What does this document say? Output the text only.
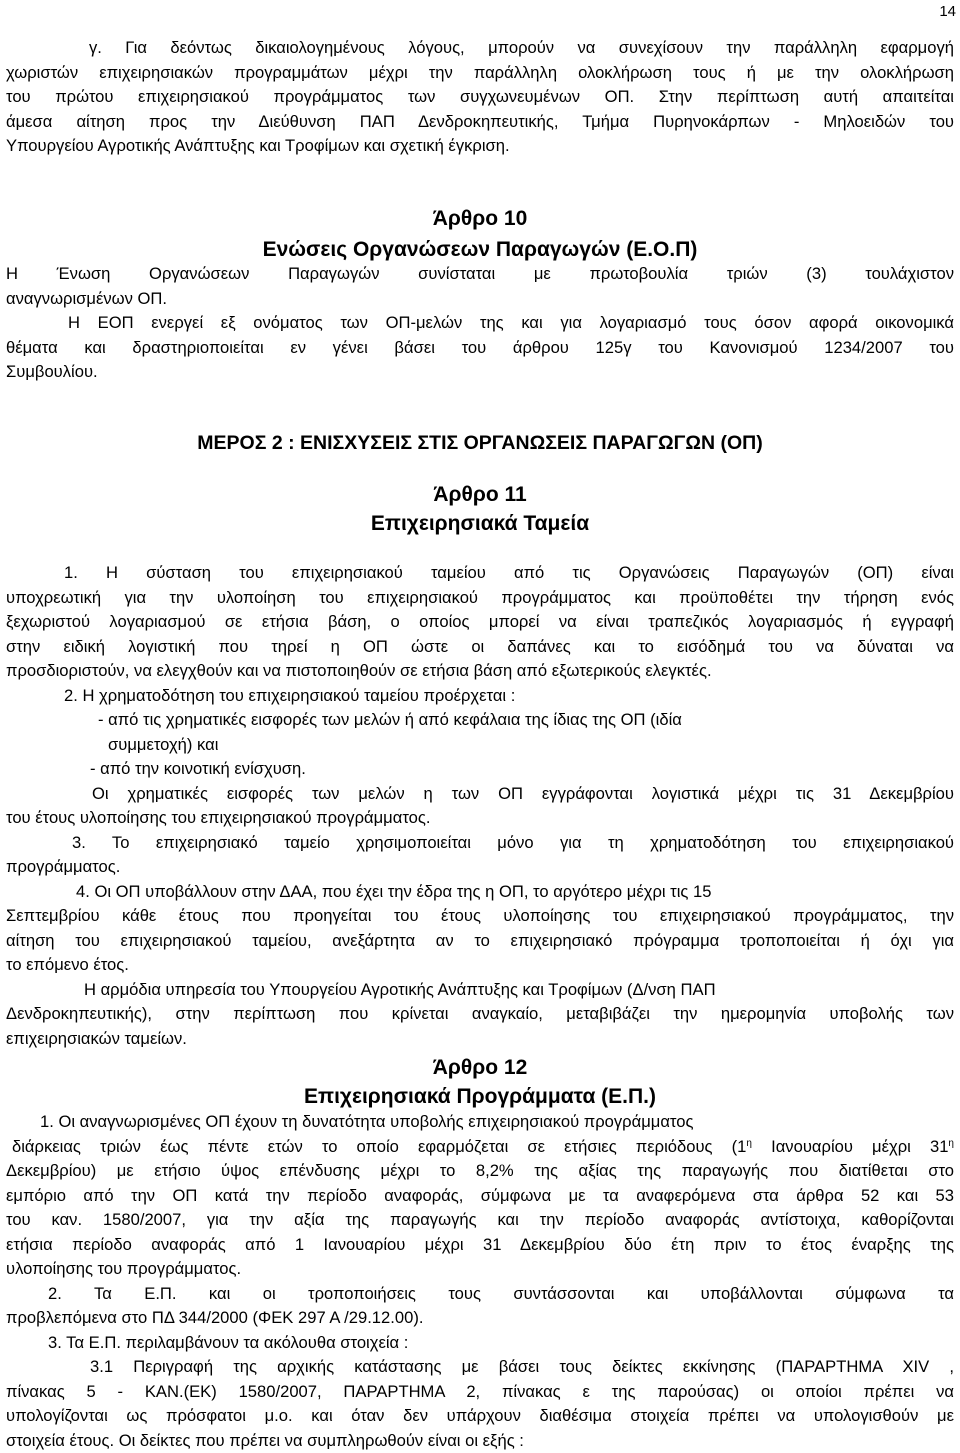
14

γ. Για δεόντως δικαιολογημένους λόγους, μπορούν να συνεχίσουν την παράλληλη εφαρμογή

χωριστών επιχειρησιακών προγραμμάτων μέχρι την παράλληλη ολοκλήρωση τους ή με την ολοκλήρωση

του πρώτου επιχειρησιακού προγράμματος των συγχωνευμένων ΟΠ. Στην περίπτωση αυτή απαιτείται

άμεσα αίτηση προς την Διεύθυνση ΠΑΠ Δενδροκηπευτικής, Τμήμα Πυρηνοκάρπων - Μηλοειδών του

Υπουργείου Αγροτικής Ανάπτυξης και Τροφίμων και σχετική έγκριση.

Άρθρο 10
Ενώσεις Οργανώσεων Παραγωγών (Ε.Ο.Π)

Η Ένωση Οργανώσεων Παραγωγών συνίσταται με πρωτοβουλία τριών (3) τουλάχιστον

αναγνωρισμένων ΟΠ.

Η ΕΟΠ ενεργεί εξ ονόματος των ΟΠ-μελών της και για λογαριασμό τους όσον αφορά οικονομικά

θέματα και δραστηριοποιείται εν γένει βάσει του άρθρου 125γ του Κανονισμού 1234/2007 του

Συμβουλίου.

ΜΕΡΟΣ 2 : ΕΝΙΣΧΥΣΕΙΣ ΣΤΙΣ ΟΡΓΑΝΩΣΕΙΣ ΠΑΡΑΓΩΓΩΝ (ΟΠ)
Άρθρο 11
Επιχειρησιακά Ταμεία

1. Η σύσταση του επιχειρησιακού ταμείου από τις Οργανώσεις Παραγωγών (ΟΠ) είναι

υποχρεωτική για την υλοποίηση του επιχειρησιακού προγράμματος και προϋποθέτει την τήρηση ενός

ξεχωριστού λογαριασμού σε ετήσια βάση, ο οποίος μπορεί να είναι τραπεζικός λογαριασμός ή εγγραφή

στην ειδική λογιστική που τηρεί η ΟΠ ώστε οι δαπάνες και το εισόδημά του να δύναται να

προσδιοριστούν, να ελεγχθούν και να πιστοποιηθούν σε ετήσια βάση από εξωτερικούς ελεγκτές.

2. Η χρηματοδότηση του επιχειρησιακού ταμείου προέρχεται :

- από τις χρηματικές εισφορές των μελών ή από κεφάλαια της ίδιας της ΟΠ (ιδία

συμμετοχή) και

- από την κοινοτική ενίσχυση.

Οι χρηματικές εισφορές των μελών η των ΟΠ εγγράφονται λογιστικά μέχρι τις 31 Δεκεμβρίου

του έτους υλοποίησης του επιχειρησιακού προγράμματος.

3. Το επιχειρησιακό ταμείο χρησιμοποιείται μόνο για τη χρηματοδότηση του επιχειρησιακού

προγράμματος.

4. Οι ΟΠ υποβάλλουν στην ΔΑΑ, που έχει την έδρα της η ΟΠ, το αργότερο μέχρι τις 15

Σεπτεμβρίου κάθε έτους που προηγείται του έτους υλοποίησης του επιχειρησιακού προγράμματος, την

αίτηση του επιχειρησιακού ταμείου, ανεξάρτητα αν το επιχειρησιακό πρόγραμμα τροποποιείται ή όχι για

το επόμενο έτος.

Η αρμόδια υπηρεσία του Υπουργείου Αγροτικής Ανάπτυξης και Τροφίμων (Δ/νση ΠΑΠ

Δενδροκηπευτικής), στην περίπτωση που κρίνεται αναγκαίο, μεταβιβάζει την ημερομηνία υποβολής των

επιχειρησιακών ταμείων.

Άρθρο 12
Επιχειρησιακά Προγράμματα (Ε.Π.)

1. Οι αναγνωρισμένες ΟΠ έχουν τη δυνατότητα υποβολής επιχειρησιακού προγράμματος

διάρκειας τριών έως πέντε ετών το οποίο εφαρμόζεται σε ετήσιες περιόδους ($1^\eta$ Ιανουαρίου μέχρι $31^\eta$

Δεκεμβρίου) με ετήσιο ύψος επένδυσης μέχρι το 8,2% της αξίας της παραγωγής που διατίθεται στο

εμπόριο από την ΟΠ κατά την περίοδο αναφοράς, σύμφωνα με τα αναφερόμενα στα άρθρα 52 και 53

του καν. 1580/2007, για την αξία της παραγωγής και την περίοδο αναφοράς αντίστοιχα, καθορίζονται

ετήσια περίοδο αναφοράς από 1 Ιανουαρίου μέχρι 31 Δεκεμβρίου δύο έτη πριν το έτος έναρξης της

υλοποίησης του προγράμματος.

2. Τα Ε.Π. και οι τροποποιήσεις τους συντάσσονται και υποβάλλονται σύμφωνα τα

προβλεπόμενα στο ΠΔ 344/2000 (ΦΕΚ 297 Α /29.12.00).

3. Τα Ε.Π. περιλαμβάνουν τα ακόλουθα στοιχεία :

3.1 Περιγραφή της αρχικής κατάστασης με βάσει τους δείκτες εκκίνησης (ΠΑΡΑΡΤΗΜΑ XIV ,

πίνακας 5 - ΚΑΝ.(ΕΚ) 1580/2007, ΠΑΡΑΡΤΗΜΑ 2, πίνακας ε της παρούσας) οι οποίοι πρέπει να

υπολογίζονται ως πρόσφατοι μ.ο. και όταν δεν υπάρχουν διαθέσιμα στοιχεία πρέπει να υπολογισθούν με

στοιχεία έτους. Οι δείκτες που πρέπει να συμπληρωθούν είναι οι εξής :
